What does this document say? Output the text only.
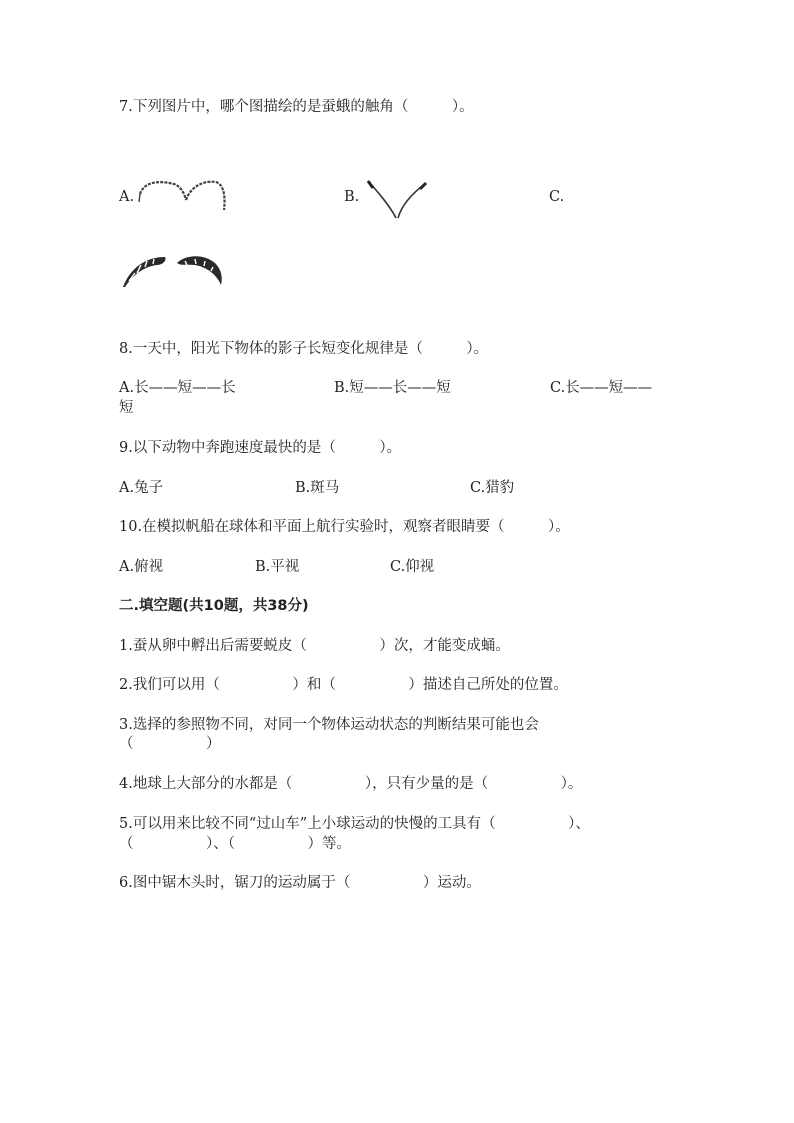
7.下列图片中，哪个图描绘的是蚕蛾的触角（　　　）。
A.	B.	C.
8.一天中，阳光下物体的影子长短变化规律是（　　　）。
A.长——短——长	B.短——长——短	C.长——短——
短
9.以下动物中奔跑速度最快的是（　　　）。
A.兔子	B.斑马	C.猎豹
10.在模拟帆船在球体和平面上航行实验时，观察者眼睛要（　　　）。
A.俯视	B.平视	C.仰视
二.填空题(共10题，共38分)
1.蚕从卵中孵出后需要蜕皮（　　　　　）次，才能变成蛹。
2.我们可以用（　　　　　）和（　　　　　）描述自己所处的位置。
3.选择的参照物不同，对同一个物体运动状态的判断结果可能也会
（　　　　　）
4.地球上大部分的水都是（　　　　　），只有少量的是（　　　　　）。
5.可以用来比较不同“过山车”上小球运动的快慢的工具有（　　　　　）、
（　　　　　）、（　　　　　）等。
6.图中锯木头时，锯刀的运动属于（　　　　　）运动。
